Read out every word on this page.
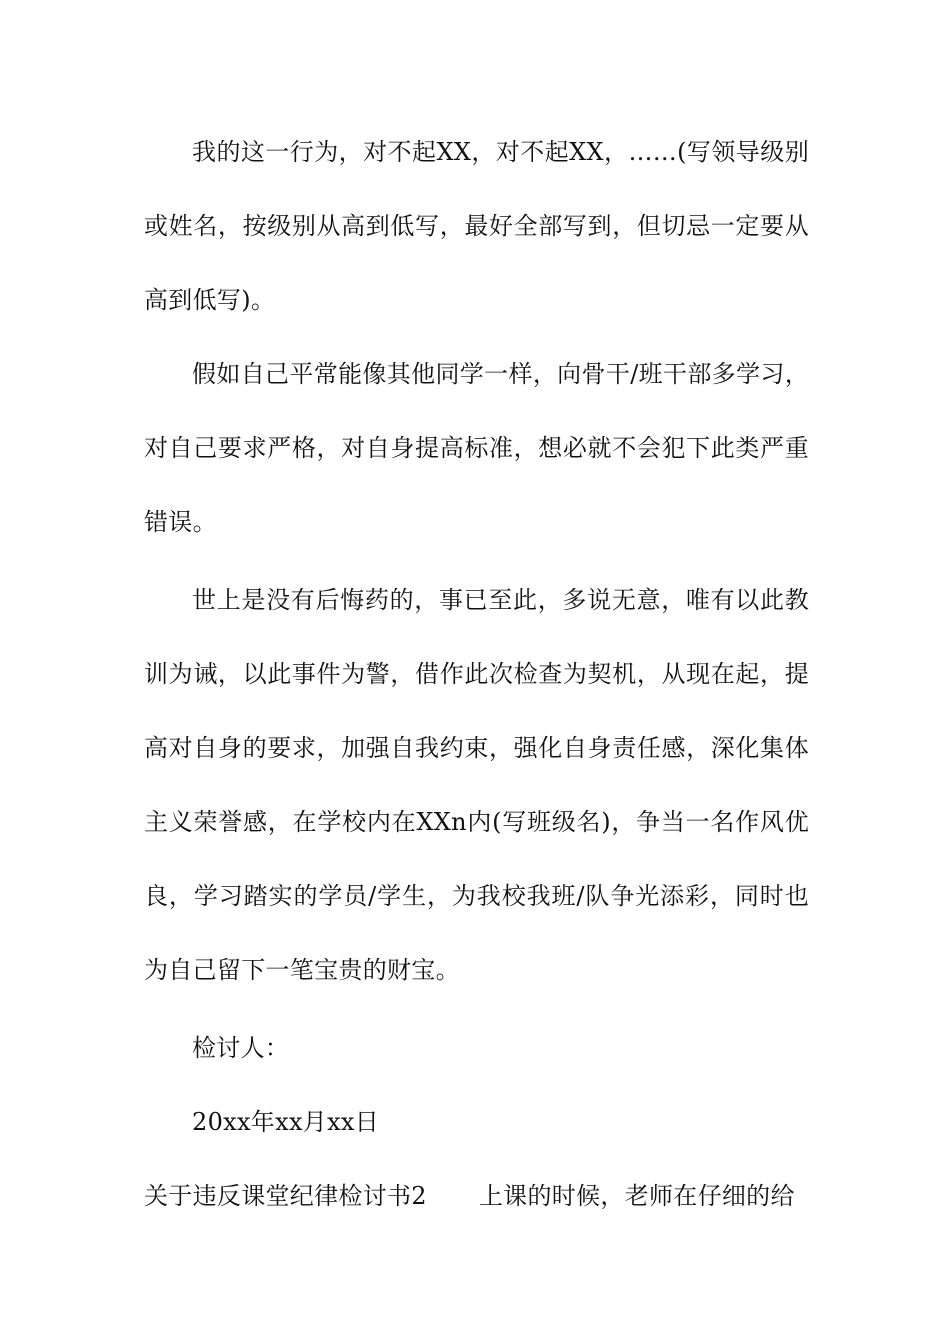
我的这一行为，对不起XX，对不起XX，……(写领导级别
或姓名，按级别从高到低写，最好全部写到，但切忌一定要从
高到低写)。
假如自己平常能像其他同学一样，向骨干/班干部多学习，
对自己要求严格，对自身提高标准，想必就不会犯下此类严重
错误。
世上是没有后悔药的，事已至此，多说无意，唯有以此教
训为诫，以此事件为警，借作此次检查为契机，从现在起，提
高对自身的要求，加强自我约束，强化自身责任感，深化集体
主义荣誉感，在学校内在XXn内(写班级名)，争当一名作风优
良，学习踏实的学员/学生，为我校我班/队争光添彩，同时也
为自己留下一笔宝贵的财宝。
检讨人：
20xx年xx月xx日
关于违反课堂纪律检讨书2 上课的时候，老师在仔细的给
